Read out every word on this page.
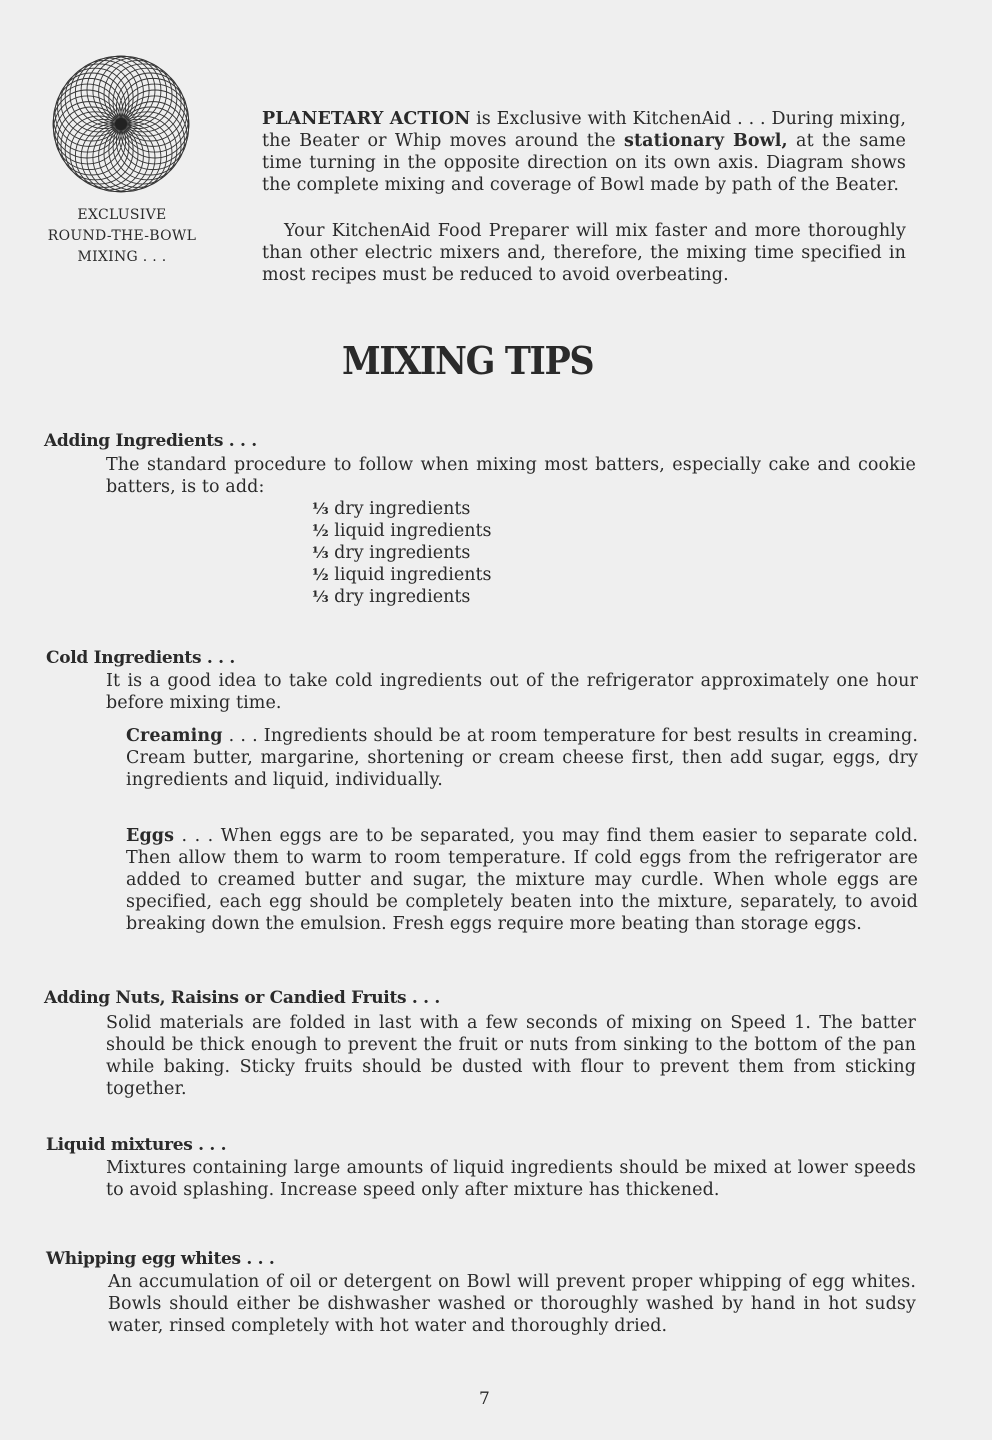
EXCLUSIVE
ROUND-THE-BOWL
MIXING . . .
PLANETARY ACTION is Exclusive with KitchenAid . . . During mixing, the Beater or Whip moves around the stationary Bowl, at the same time turning in the opposite direction on its own axis. Diagram shows the complete mixing and coverage of Bowl made by path of the Beater.
Your KitchenAid Food Preparer will mix faster and more thoroughly than other electric mixers and, therefore, the mixing time specified in most recipes must be reduced to avoid overbeating.
MIXING TIPS
Adding Ingredients . . .
The standard procedure to follow when mixing most batters, especially cake and cookie batters, is to add:
⅓ dry ingredients
½ liquid ingredients
⅓ dry ingredients
½ liquid ingredients
⅓ dry ingredients
Cold Ingredients . . .
It is a good idea to take cold ingredients out of the refrigerator approximately one hour before mixing time.
Creaming . . . Ingredients should be at room temperature for best results in creaming. Cream butter, margarine, shortening or cream cheese first, then add sugar, eggs, dry ingredients and liquid, individually.
Eggs . . . When eggs are to be separated, you may find them easier to separate cold. Then allow them to warm to room temperature. If cold eggs from the refrigerator are added to creamed butter and sugar, the mixture may curdle. When whole eggs are specified, each egg should be completely beaten into the mixture, separately, to avoid breaking down the emulsion. Fresh eggs require more beating than storage eggs.
Adding Nuts, Raisins or Candied Fruits . . .
Solid materials are folded in last with a few seconds of mixing on Speed 1. The batter should be thick enough to prevent the fruit or nuts from sinking to the bottom of the pan while baking. Sticky fruits should be dusted with flour to prevent them from sticking together.
Liquid mixtures . . .
Mixtures containing large amounts of liquid ingredients should be mixed at lower speeds to avoid splashing. Increase speed only after mixture has thickened.
Whipping egg whites . . .
An accumulation of oil or detergent on Bowl will prevent proper whipping of egg whites. Bowls should either be dishwasher washed or thoroughly washed by hand in hot sudsy water, rinsed completely with hot water and thoroughly dried.
7
